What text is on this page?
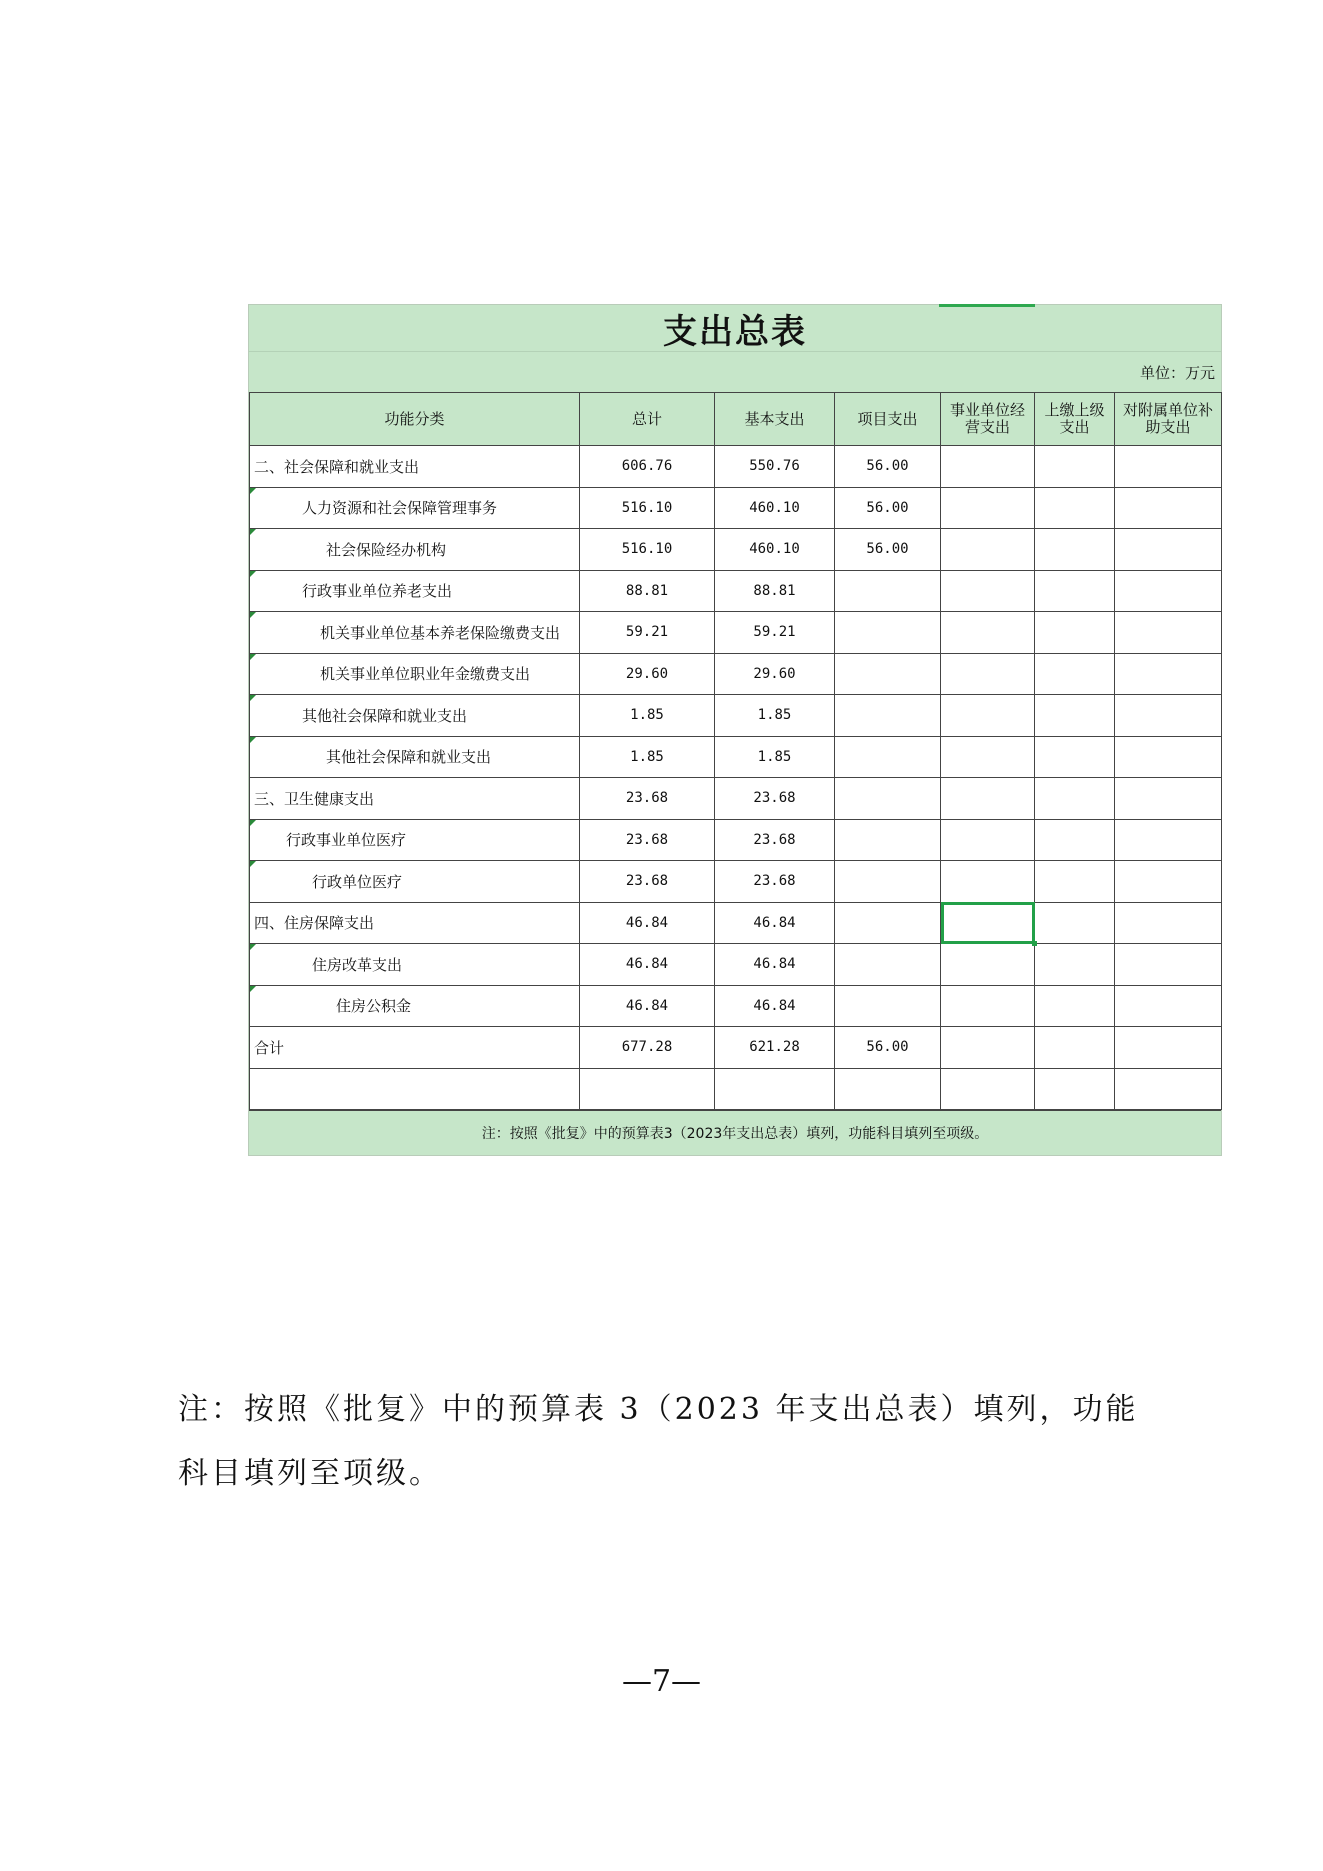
支出总表
单位：万元
功能分类	总计	基本支出	项目支出	事业单位经营支出	上缴上级支出	对附属单位补助支出
二、社会保障和就业支出	606.76	550.76	56.00			
人力资源和社会保障管理事务	516.10	460.10	56.00			
社会保险经办机构	516.10	460.10	56.00			
行政事业单位养老支出	88.81	88.81				
机关事业单位基本养老保险缴费支出	59.21	59.21				
机关事业单位职业年金缴费支出	29.60	29.60				
其他社会保障和就业支出	1.85	1.85				
其他社会保障和就业支出	1.85	1.85				
三、卫生健康支出	23.68	23.68				
行政事业单位医疗	23.68	23.68				
行政单位医疗	23.68	23.68				
四、住房保障支出	46.84	46.84				
住房改革支出	46.84	46.84				
住房公积金	46.84	46.84				
合计	677.28	621.28	56.00			

注：按照《批复》中的预算表3（2023年支出总表）填列，功能科目填列至项级。
注：按照《批复》中的预算表 3（2023 年支出总表）填列，功能科目填列至项级。
—7—
